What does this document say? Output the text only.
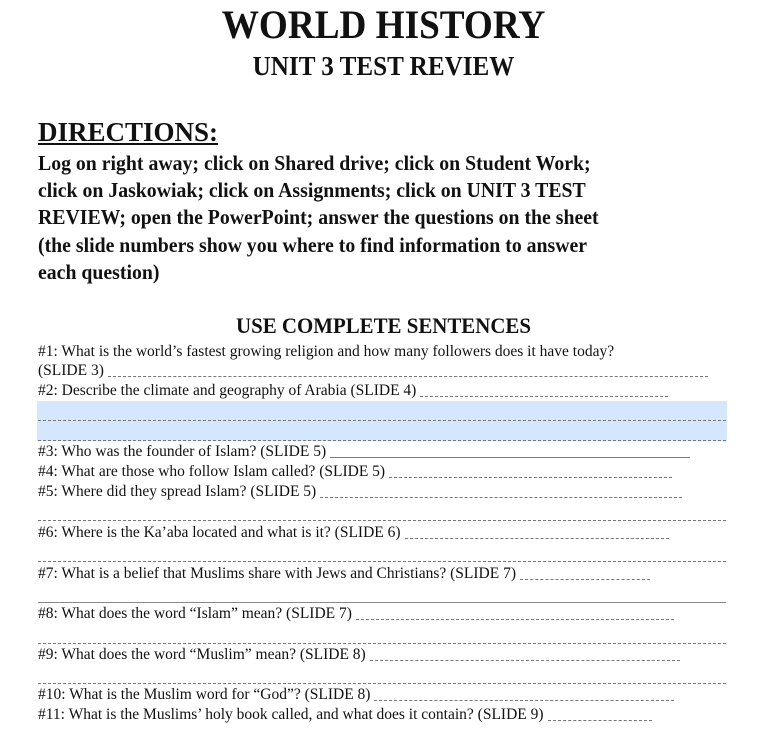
WORLD HISTORY
UNIT 3 TEST REVIEW
DIRECTIONS:
Log on right away; click on Shared drive; click on Student Work;
click on Jaskowiak; click on Assignments; click on UNIT 3 TEST
REVIEW; open the PowerPoint; answer the questions on the sheet
(the slide numbers show you where to find information to answer
each question)
USE COMPLETE SENTENCES
#1: What is the world’s fastest growing religion and how many followers does it have today?
(SLIDE 3)
#2: Describe the climate and geography of Arabia (SLIDE 4)
#3: Who was the founder of Islam? (SLIDE 5)
#4: What are those who follow Islam called? (SLIDE 5)
#5: Where did they spread Islam? (SLIDE 5)
#6: Where is the Ka’aba located and what is it? (SLIDE 6)
#7: What is a belief that Muslims share with Jews and Christians? (SLIDE 7)
#8: What does the word “Islam” mean? (SLIDE 7)
#9: What does the word “Muslim” mean? (SLIDE 8)
#10: What is the Muslim word for “God”? (SLIDE 8)
#11: What is the Muslims’ holy book called, and what does it contain? (SLIDE 9)
